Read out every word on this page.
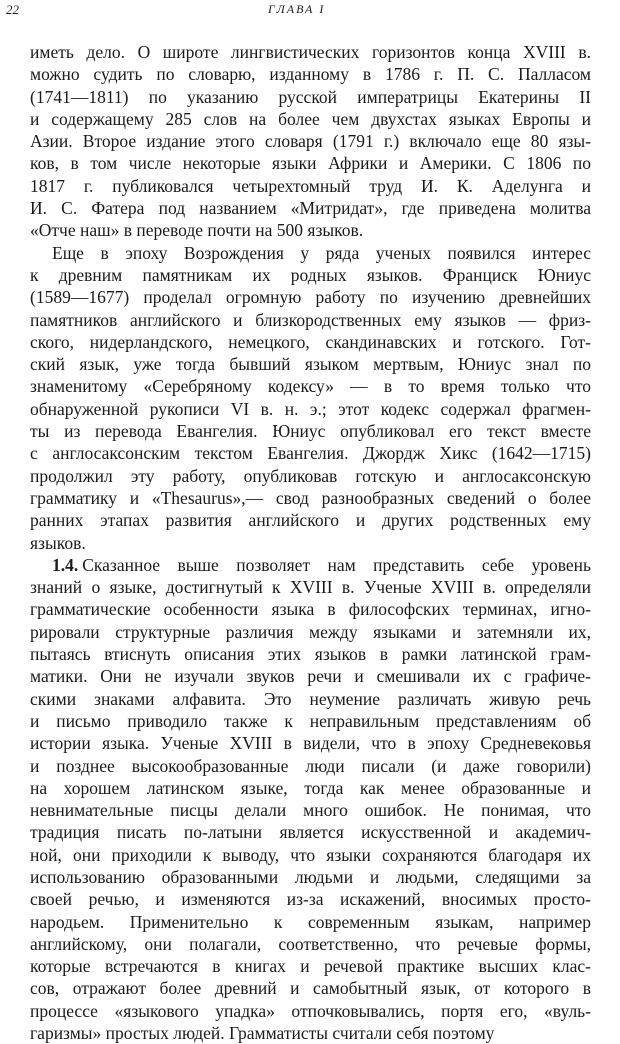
22	ГЛАВА I
иметь дело. О широте лингвистических горизонтов конца XVIII в.
можно судить по словарю, изданному в 1786 г. П. С. Палласом
(1741—1811) по указанию русской императрицы Екатерины II
и содержащему 285 слов на более чем двухстах языках Европы и
Азии. Второе издание этого словаря (1791 г.) включало еще 80 язы-
ков, в том числе некоторые языки Африки и Америки. С 1806 по
1817 г. публиковался четырехтомный труд И. К. Аделунга и
И. С. Фатера под названием «Митридат», где приведена молитва
«Отче наш» в переводе почти на 500 языков.
Еще в эпоху Возрождения у ряда ученых появился интерес
к древним памятникам их родных языков. Франциск Юниус
(1589—1677) проделал огромную работу по изучению древнейших
памятников английского и близкородственных ему языков — фриз-
ского, нидерландского, немецкого, скандинавских и готского. Гот-
ский язык, уже тогда бывший языком мертвым, Юниус знал по
знаменитому «Серебряному кодексу» — в то время только что
обнаруженной рукописи VI в. н. э.; этот кодекс содержал фрагмен-
ты из перевода Евангелия. Юниус опубликовал его текст вместе
с англосаксонским текстом Евангелия. Джордж Хикс (1642—1715)
продолжил эту работу, опубликовав готскую и англосаксонскую
грамматику и «Thesaurus»,— свод разнообразных сведений о более
ранних этапах развития английского и других родственных ему
языков.
1.4. Сказанное выше позволяет нам представить себе уровень
знаний о языке, достигнутый к XVIII в. Ученые XVIII в. определяли
грамматические особенности языка в философских терминах, игно-
рировали структурные различия между языками и затемняли их,
пытаясь втиснуть описания этих языков в рамки латинской грам-
матики. Они не изучали звуков речи и смешивали их с графиче-
скими знаками алфавита. Это неумение различать живую речь
и письмо приводило также к неправильным представлениям об
истории языка. Ученые XVIII в видели, что в эпоху Средневековья
и позднее высокообразованные люди писали (и даже говорили)
на хорошем латинском языке, тогда как менее образованные и
невнимательные писцы делали много ошибок. Не понимая, что
традиция писать по-латыни является искусственной и академич-
ной, они приходили к выводу, что языки сохраняются благодаря их
использованию образованными людьми и людьми, следящими за
своей речью, и изменяются из-за искажений, вносимых просто-
народьем. Применительно к современным языкам, например
английскому, они полагали, соответственно, что речевые формы,
которые встречаются в книгах и речевой практике высших клас-
сов, отражают более древний и самобытный язык, от которого в
процессе «языкового упадка» отпочковывались, портя его, «вуль-
гаризмы» простых людей. Грамматисты считали себя поэтому
